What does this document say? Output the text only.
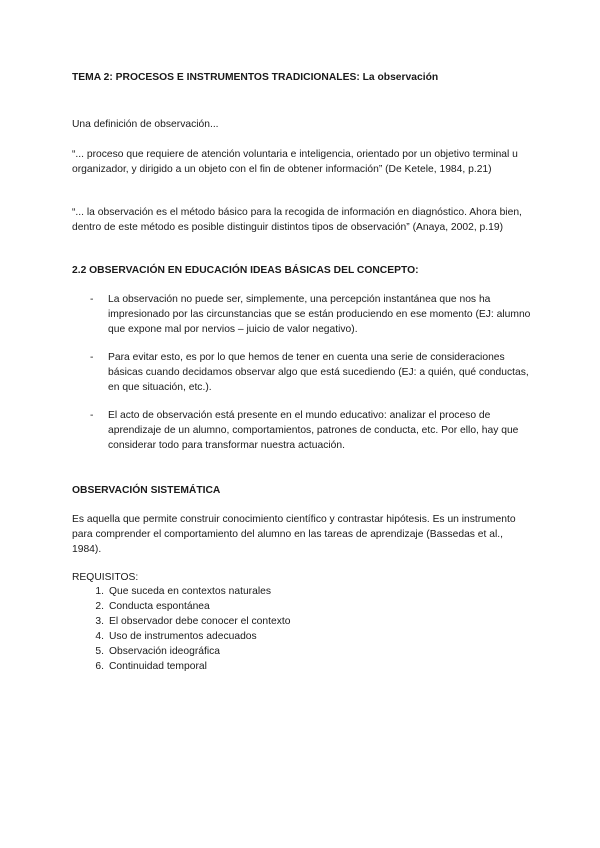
TEMA 2: PROCESOS E INSTRUMENTOS TRADICIONALES: La observación

Una definición de observación...

“... proceso que requiere de atención voluntaria e inteligencia, orientado por un objetivo terminal u organizador, y dirigido a un objeto con el fin de obtener información” (De Ketele, 1984, p.21)

“... la observación es el método básico para la recogida de información en diagnóstico. Ahora bien, dentro de este método es posible distinguir distintos tipos de observación” (Anaya, 2002, p.19)

2.2 OBSERVACIÓN EN EDUCACIÓN IDEAS BÁSICAS DEL CONCEPTO:

-	La observación no puede ser, simplemente, una percepción instantánea que nos ha impresionado por las circunstancias que se están produciendo en ese momento (EJ: alumno que expone mal por nervios – juicio de valor negativo).
-	Para evitar esto, es por lo que hemos de tener en cuenta una serie de consideraciones básicas cuando decidamos observar algo que está sucediendo (EJ: a quién, qué conductas, en que situación, etc.).
-	El acto de observación está presente en el mundo educativo: analizar el proceso de aprendizaje de un alumno, comportamientos, patrones de conducta, etc. Por ello, hay que considerar todo para transformar nuestra actuación.

OBSERVACIÓN SISTEMÁTICA

Es aquella que permite construir conocimiento científico y contrastar hipótesis. Es un instrumento para comprender el comportamiento del alumno en las tareas de aprendizaje (Bassedas et al., 1984).

REQUISITOS:

1. Que suceda en contextos naturales
2. Conducta espontánea
3. El observador debe conocer el contexto
4. Uso de instrumentos adecuados
5. Observación ideográfica
6. Continuidad temporal
